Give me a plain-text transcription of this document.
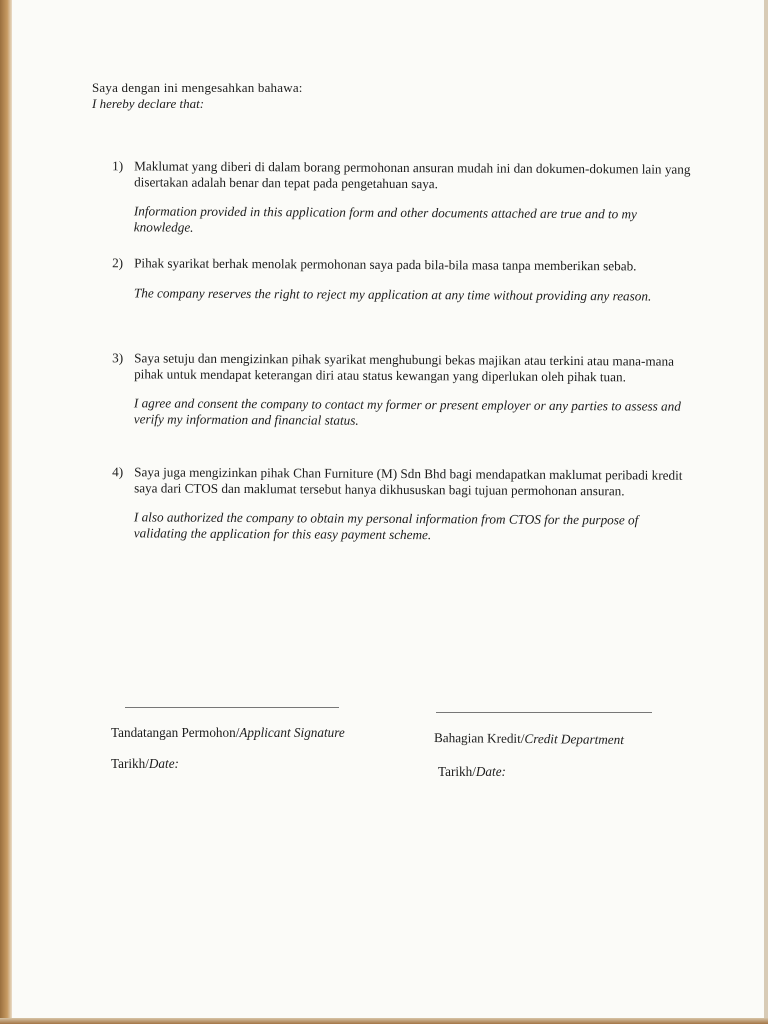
Saya dengan ini mengesahkan bahawa:
I hereby declare that:
1) Maklumat yang diberi di dalam borang permohonan ansuran mudah ini dan dokumen-dokumen lain yang disertakan adalah benar dan tepat pada pengetahuan saya.
Information provided in this application form and other documents attached are true and to my knowledge.
2) Pihak syarikat berhak menolak permohonan saya pada bila-bila masa tanpa memberikan sebab.
The company reserves the right to reject my application at any time without providing any reason.
3) Saya setuju dan mengizinkan pihak syarikat menghubungi bekas majikan atau terkini atau mana-mana pihak untuk mendapat keterangan diri atau status kewangan yang diperlukan oleh pihak tuan.
I agree and consent the company to contact my former or present employer or any parties to assess and verify my information and financial status.
4) Saya juga mengizinkan pihak Chan Furniture (M) Sdn Bhd bagi mendapatkan maklumat peribadi kredit saya dari CTOS dan maklumat tersebut hanya dikhususkan bagi tujuan permohonan ansuran.
I also authorized the company to obtain my personal information from CTOS for the purpose of validating the application for this easy payment scheme.
Tandatangan Permohon/Applicant Signature
Tarikh/Date:
Bahagian Kredit/Credit Department
Tarikh/Date:
